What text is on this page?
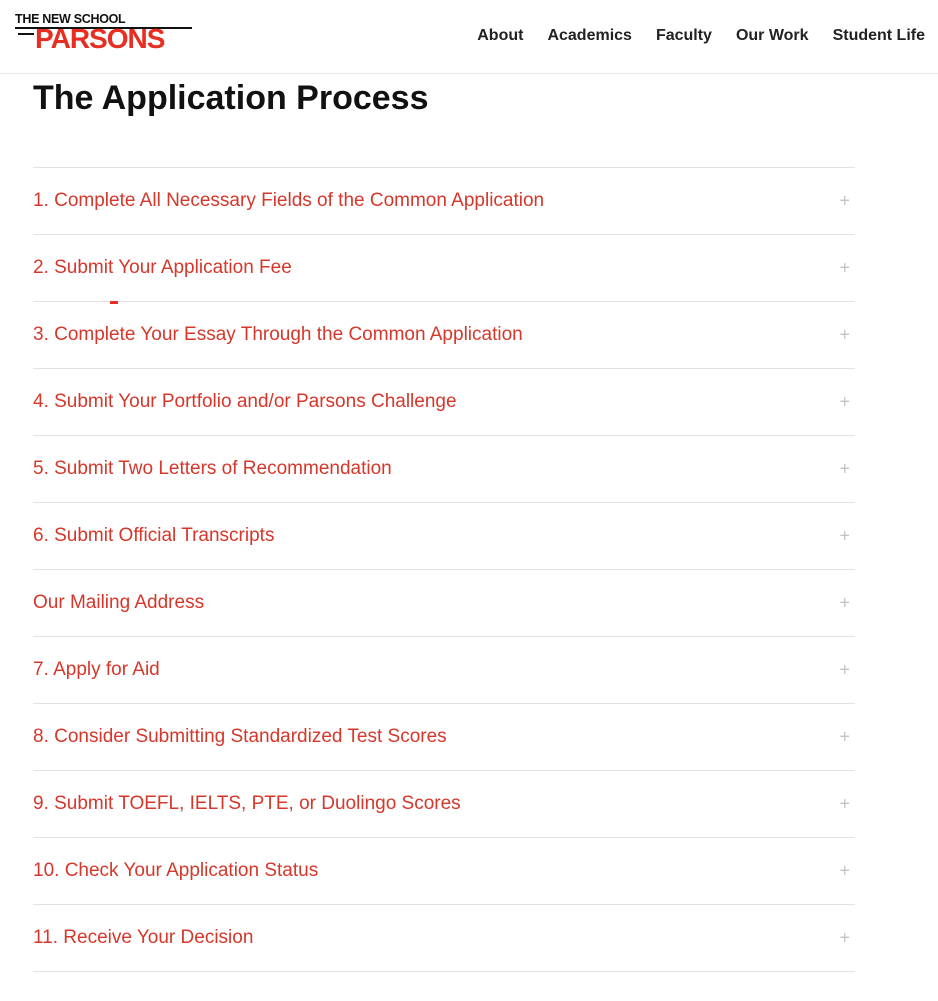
THE NEW SCHOOL
PARSONS	About Academics Faculty Our Work Student Life
The Application Process
1. Complete All Necessary Fields of the Common Application	+
2. Submit Your Application Fee	+
3. Complete Your Essay Through the Common Application	+
4. Submit Your Portfolio and/or Parsons Challenge	+
5. Submit Two Letters of Recommendation	+
6. Submit Official Transcripts	+
Our Mailing Address	+
7. Apply for Aid	+
8. Consider Submitting Standardized Test Scores	+
9. Submit TOEFL, IELTS, PTE, or Duolingo Scores	+
10. Check Your Application Status	+
11. Receive Your Decision	+
